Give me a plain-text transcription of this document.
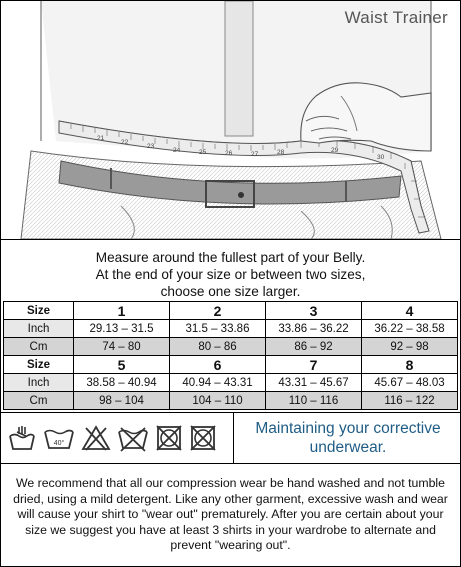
21
22
23
24	25	26	27	28	29
30
Waist Trainer
Measure around the fullest part of your Belly.
At the end of your size or between two sizes,
choose one size larger.
Size	1	2	3	4
Inch	29.13 – 31.5	31.5 – 33.86	33.86 – 36.22	36.22 – 38.58
Cm	74 – 80	80 – 86	86 – 92	92 – 98
Size	5	6	7	8
Inch	38.58 – 40.94	40.94 – 43.31	43.31 – 45.67	45.67 – 48.03
Cm	98 – 104	104 – 110	110 – 116	116 – 122
40°
Maintaining your corrective
underwear.
We recommend that all our compression wear be hand washed and not tumble dried, using a mild detergent. Like any other garment, excessive wash and wear will cause your shirt to "wear out" prematurely. After you are certain about your size we suggest you have at least 3 shirts in your wardrobe to alternate and prevent "wearing out".
